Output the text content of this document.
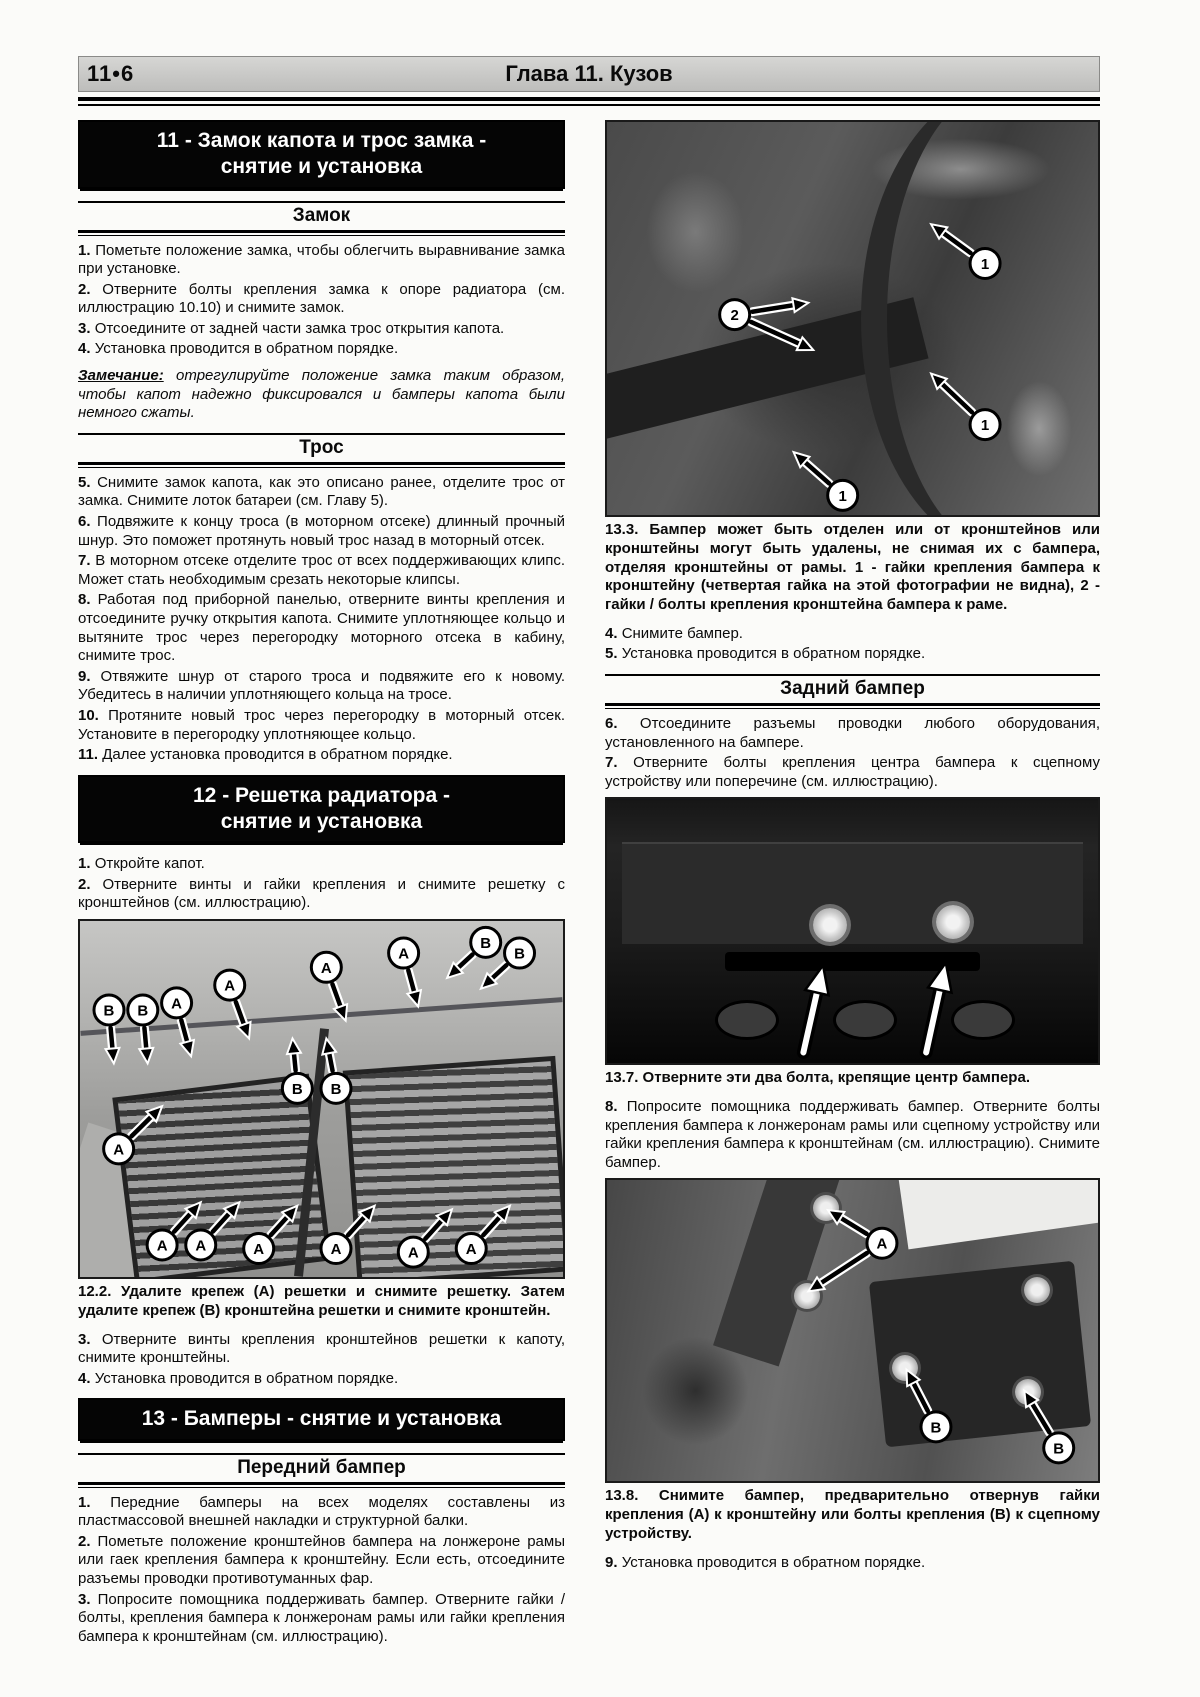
11•6	Глава 11. Кузов
11 - Замок капота и трос замка -
снятие и установка
Замок

1. Пометьте положение замка, чтобы облегчить выравнивание замка при установке.

2. Отверните болты крепления замка к опоре радиатора (см. иллюстрацию 10.10) и снимите замок.

3. Отсоедините от задней части замка трос открытия капота.

4. Установка проводится в обратном порядке.

Замечание: отрегулируйте положение замка таким образом, чтобы капот надежно фиксировался и бамперы капота были немного сжаты.

Трос

5. Снимите замок капота, как это описано ранее, отделите трос от замка. Снимите лоток батареи (см. Главу 5).

6. Подвяжите к концу троса (в моторном отсеке) длинный прочный шнур. Это поможет протянуть новый трос назад в моторный отсек.

7. В моторном отсеке отделите трос от всех поддерживающих клипс. Может стать необходимым срезать некоторые клипсы.

8. Работая под приборной панелью, отверните винты крепления и отсоедините ручку открытия капота. Снимите уплотняющее кольцо и вытяните трос через перегородку моторного отсека в кабину, снимите трос.

9. Отвяжите шнур от старого троса и подвяжите его к новому. Убедитесь в наличии уплотняющего кольца на тросе.

10. Протяните новый трос через перегородку в моторный отсек. Установите в перегородку уплотняющее кольцо.

11. Далее установка проводится в обратном порядке.

12 - Решетка радиатора -
снятие и установка

1. Откройте капот.

2. Отверните винты и гайки крепления и снимите решетку с кронштейнов (см. иллюстрацию).

B B A
A
A
A
B
B
B B
A
A A	A	A	A	A

12.2. Удалите крепеж (А) решетки и снимите решетку. Затем удалите крепеж (В) кронштейна решетки и снимите кронштейн.

3. Отверните винты крепления кронштейнов решетки к капоту, снимите кронштейны.

4. Установка проводится в обратном порядке.

13 - Бамперы - снятие и установка
Передний бампер

1. Передние бамперы на всех моделях составлены из пластмассовой внешней накладки и структурной балки.

2. Пометьте положение кронштейнов бампера на лонжероне рамы или гаек крепления бампера к кронштейну. Если есть, отсоедините разъемы проводки противотуманных фар.

3. Попросите помощника поддерживать бампер. Отверните гайки / болты, крепления бампера к лонжеронам рамы или гайки крепления бампера к кронштейнам (см. иллюстрацию).

2
1
1
1

13.3. Бампер может быть отделен или от кронштейнов или кронштейны могут быть удалены, не снимая их с бампера, отделяя кронштейны от рамы. 1 - гайки крепления бампера к кронштейну (четвертая гайка на этой фотографии не видна), 2 - гайки / болты крепления кронштейна бампера к раме.

4. Снимите бампер.

5. Установка проводится в обратном порядке.

Задний бампер

6. Отсоедините разъемы проводки любого оборудования, установленного на бампере.

7. Отверните болты крепления центра бампера к сцепному устройству или поперечине (см. иллюстрацию).

13.7. Отверните эти два болта, крепящие центр бампера.

8. Попросите помощника поддерживать бампер. Отверните болты крепления бампера к лонжеронам рамы или сцепному устройству или гайки крепления бампера к кронштейнам (см. иллюстрацию). Снимите бампер.

A
B
B

13.8. Снимите бампер, предварительно отвернув гайки крепления (А) к кронштейну или болты крепления (В) к сцепному устройству.

9. Установка проводится в обратном порядке.
